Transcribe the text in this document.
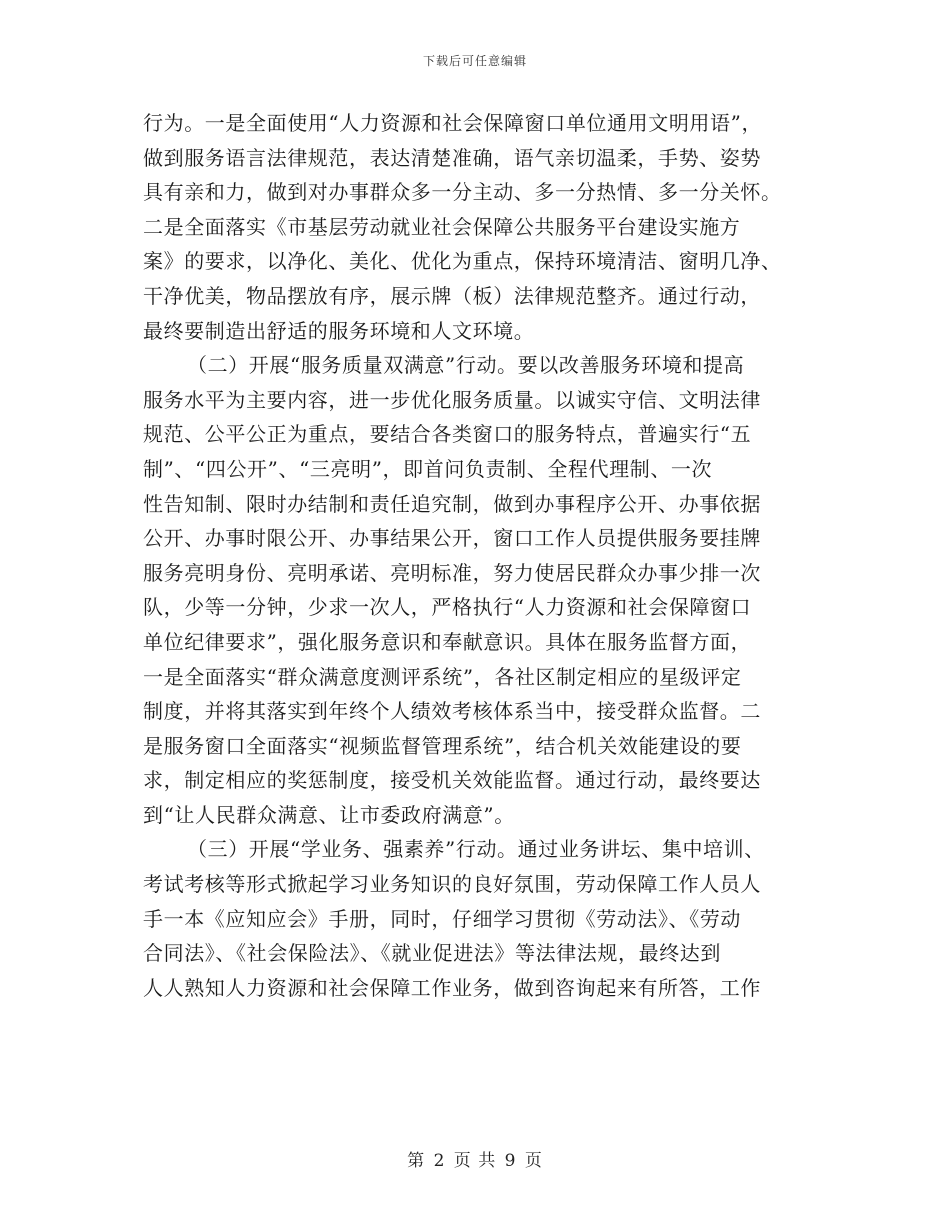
下载后可任意编辑
行为。一是全面使用“人力资源和社会保障窗口单位通用文明用语”，
做到服务语言法律规范，表达清楚准确，语气亲切温柔，手势、姿势
具有亲和力，做到对办事群众多一分主动、多一分热情、多一分关怀。
二是全面落实《市基层劳动就业社会保障公共服务平台建设实施方
案》的要求，以净化、美化、优化为重点，保持环境清洁、窗明几净、
干净优美，物品摆放有序，展示牌（板）法律规范整齐。通过行动，
最终要制造出舒适的服务环境和人文环境。
（二）开展“服务质量双满意”行动。要以改善服务环境和提高
服务水平为主要内容，进一步优化服务质量。以诚实守信、文明法律
规范、公平公正为重点，要结合各类窗口的服务特点，普遍实行“五
制”、“四公开”、“三亮明”，即首问负责制、全程代理制、一次
性告知制、限时办结制和责任追究制，做到办事程序公开、办事依据
公开、办事时限公开、办事结果公开，窗口工作人员提供服务要挂牌
服务亮明身份、亮明承诺、亮明标准，努力使居民群众办事少排一次
队，少等一分钟，少求一次人，严格执行“人力资源和社会保障窗口
单位纪律要求”，强化服务意识和奉献意识。具体在服务监督方面，
一是全面落实“群众满意度测评系统”，各社区制定相应的星级评定
制度，并将其落实到年终个人绩效考核体系当中，接受群众监督。二
是服务窗口全面落实“视频监督管理系统”，结合机关效能建设的要
求，制定相应的奖惩制度，接受机关效能监督。通过行动，最终要达
到“让人民群众满意、让市委政府满意”。
（三）开展“学业务、强素养”行动。通过业务讲坛、集中培训、
考试考核等形式掀起学习业务知识的良好氛围，劳动保障工作人员人
手一本《应知应会》手册，同时，仔细学习贯彻《劳动法》、《劳动
合同法》、《社会保险法》、《就业促进法》等法律法规，最终达到
人人熟知人力资源和社会保障工作业务，做到咨询起来有所答，工作
第 2 页 共 9 页
